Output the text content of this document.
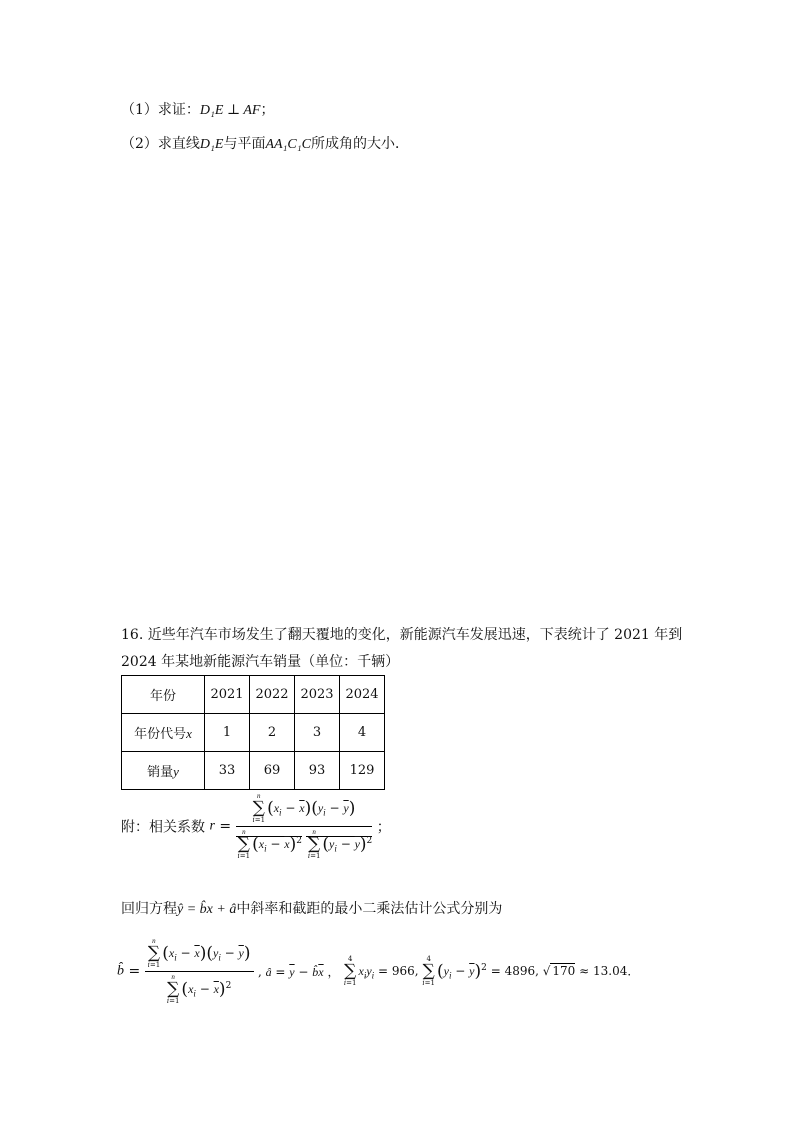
（1）求证：D₁E ⊥ AF；
（2）求直线D₁E与平面AA₁C₁C所成角的大小．
16. 近些年汽车市场发生了翻天覆地的变化，新能源汽车发展迅速，下表统计了 2021 年到
2024 年某地新能源汽车销量（单位：千辆）
年份	2021	2022	2023	2024
年份代号x	1	2	3	4
销量y	33	69	93	129
附：相关系数 r = n
∑
i=1
$(x_i - \overline{x})(y_i - \overline{y})$
n
∑
i=1
$(x_i - \overline{x})^2$
n
∑
i=1
$(y_i - \overline{y})^2$ ；
回归方程ŷ = b̂x + â中斜率和截距的最小二乘法估计公式分别为
b̂ = n
∑
i=1
$(x_i - \overline{x})(y_i - \overline{y})$
n
∑
i=1
$(x_i - \overline{x})^2$ , â = $\overline{y}$ − $b̂\overline{x}$ ，
4
∑
i=1
$x_iy_i = 966$,
4
∑
i=1
$(y_i - \overline{y})^2 = 4896$, √ 170 ≈ 13.04．
